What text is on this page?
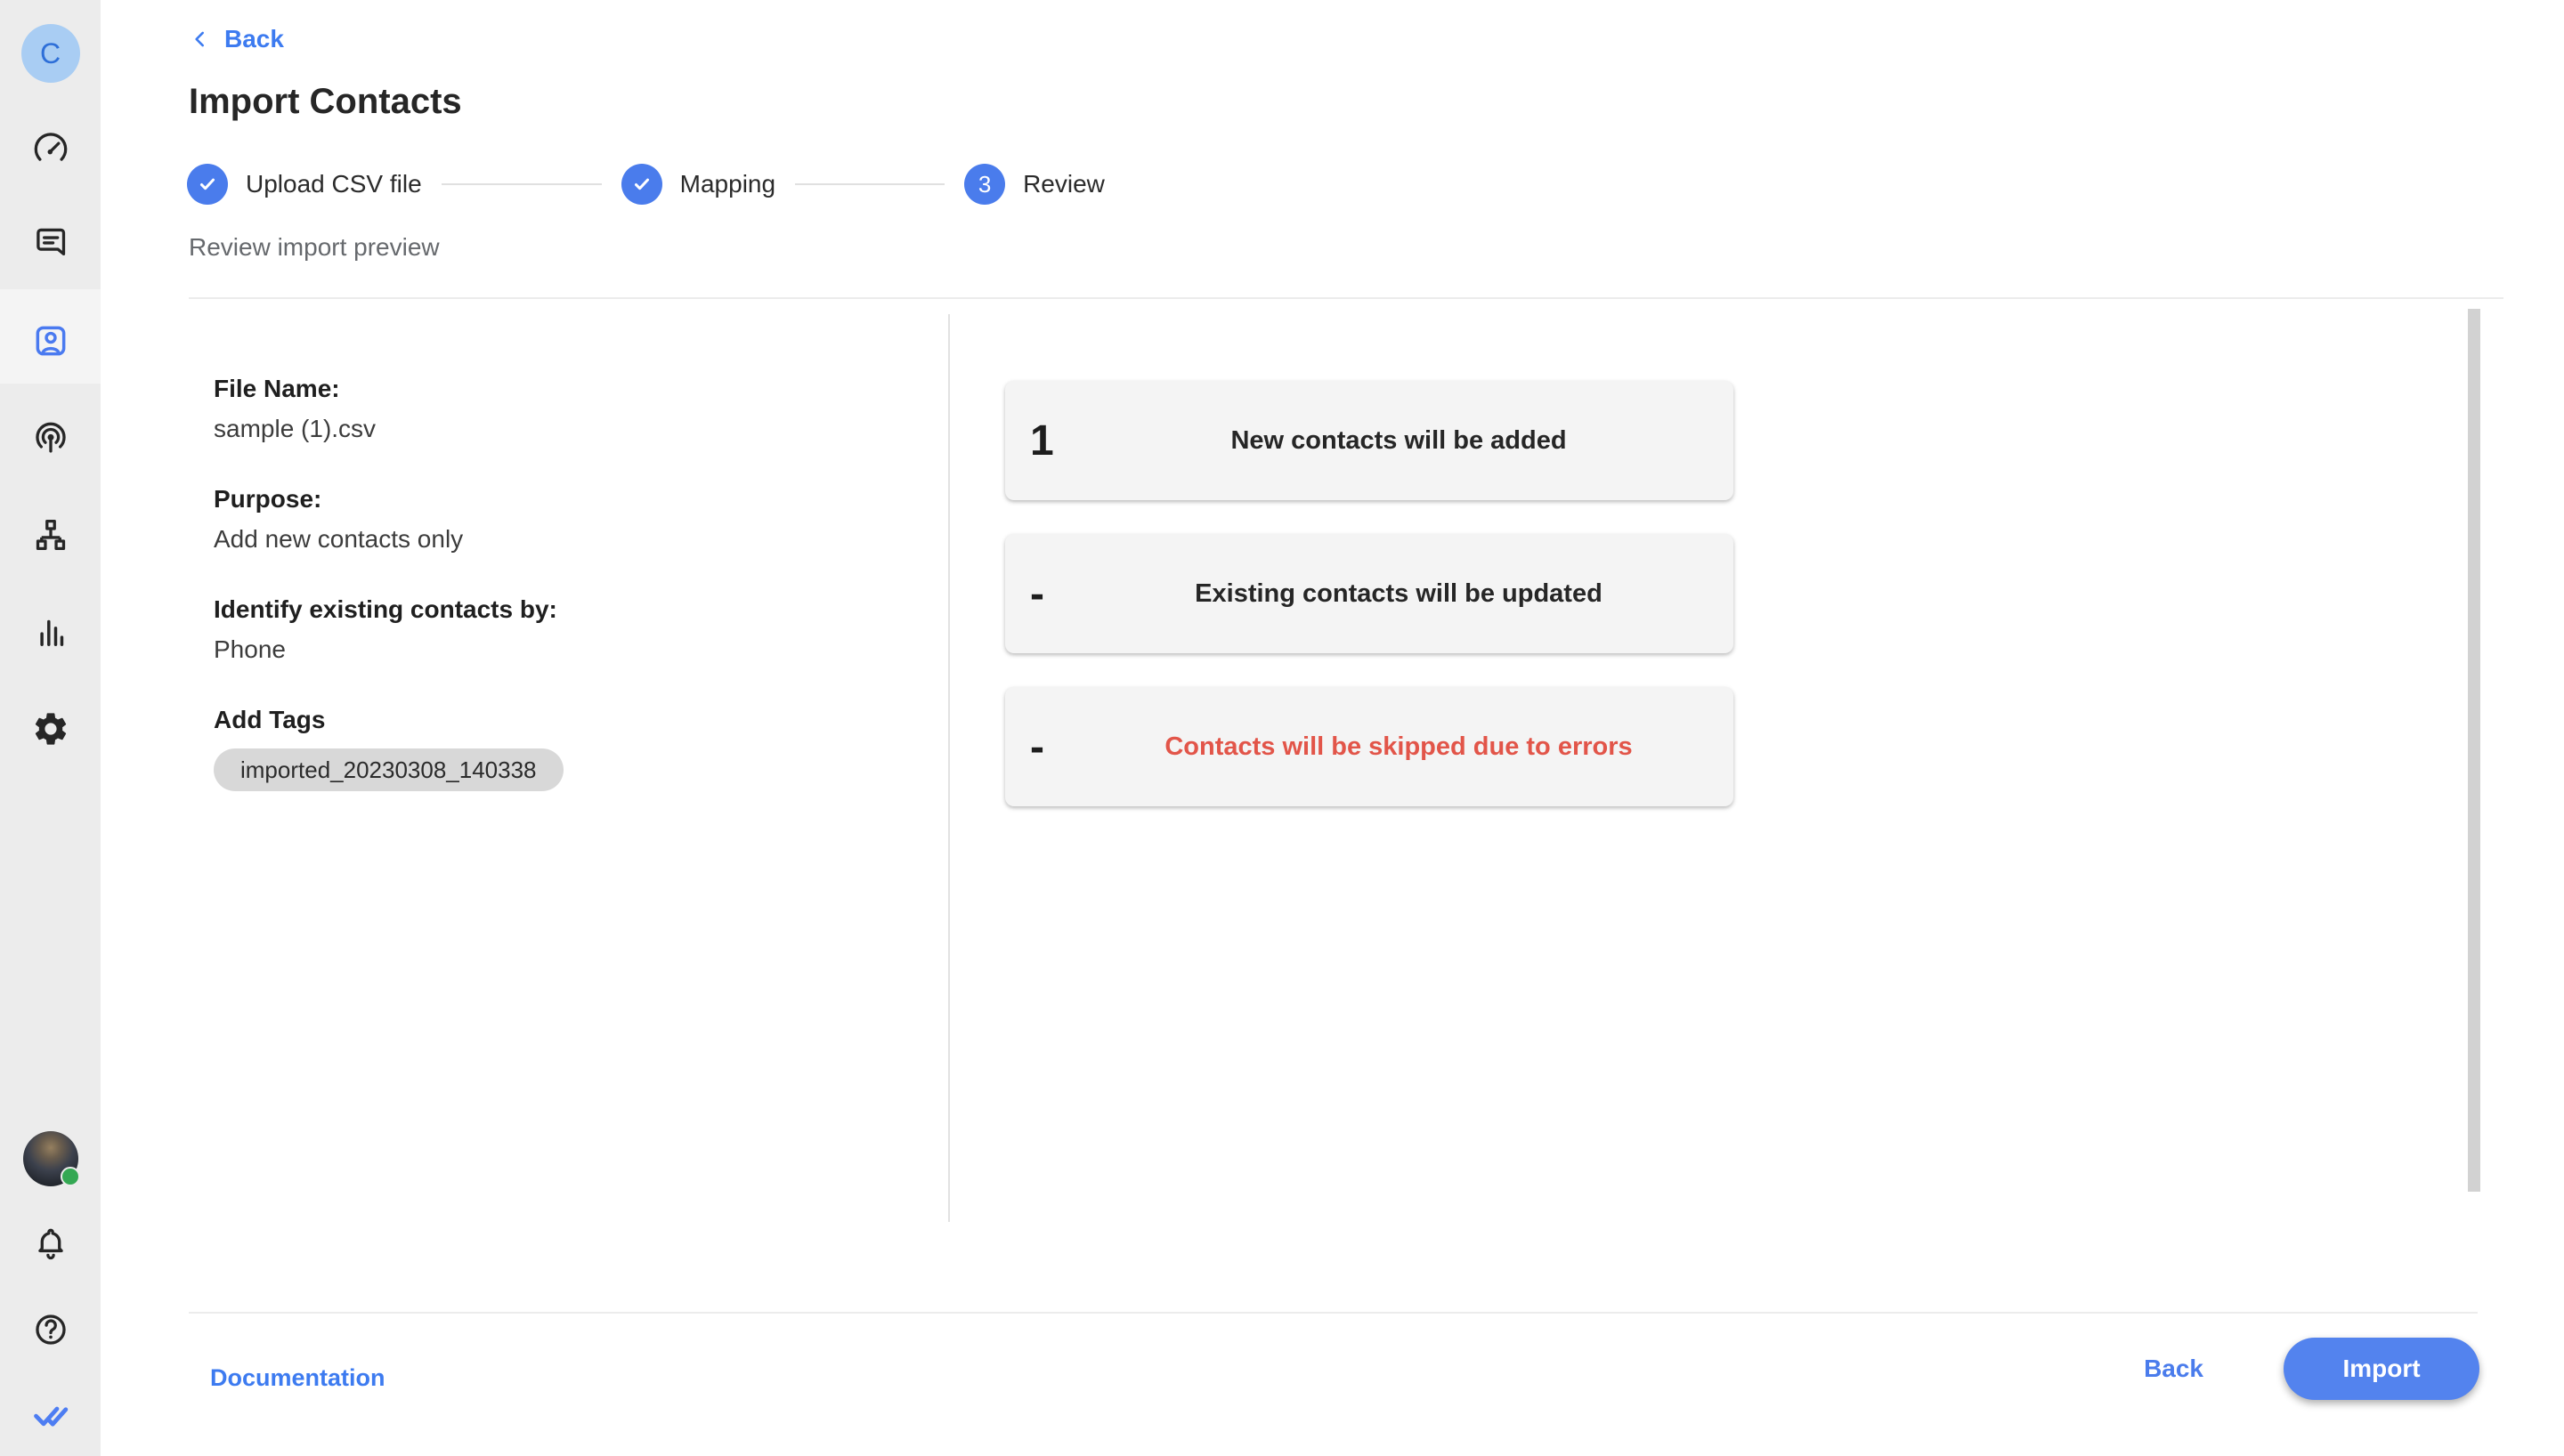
C	Back
Import Contacts
Upload CSV file	Mapping	3	Review
Review import preview
File Name:
sample (1).csv
Purpose:
Add new contacts only
Identify existing contacts by:
Phone
Add Tags
imported_20230308_140338
1	New contacts will be added
-	Existing contacts will be updated
-	Contacts will be skipped due to errors
Documentation	Back	Import
